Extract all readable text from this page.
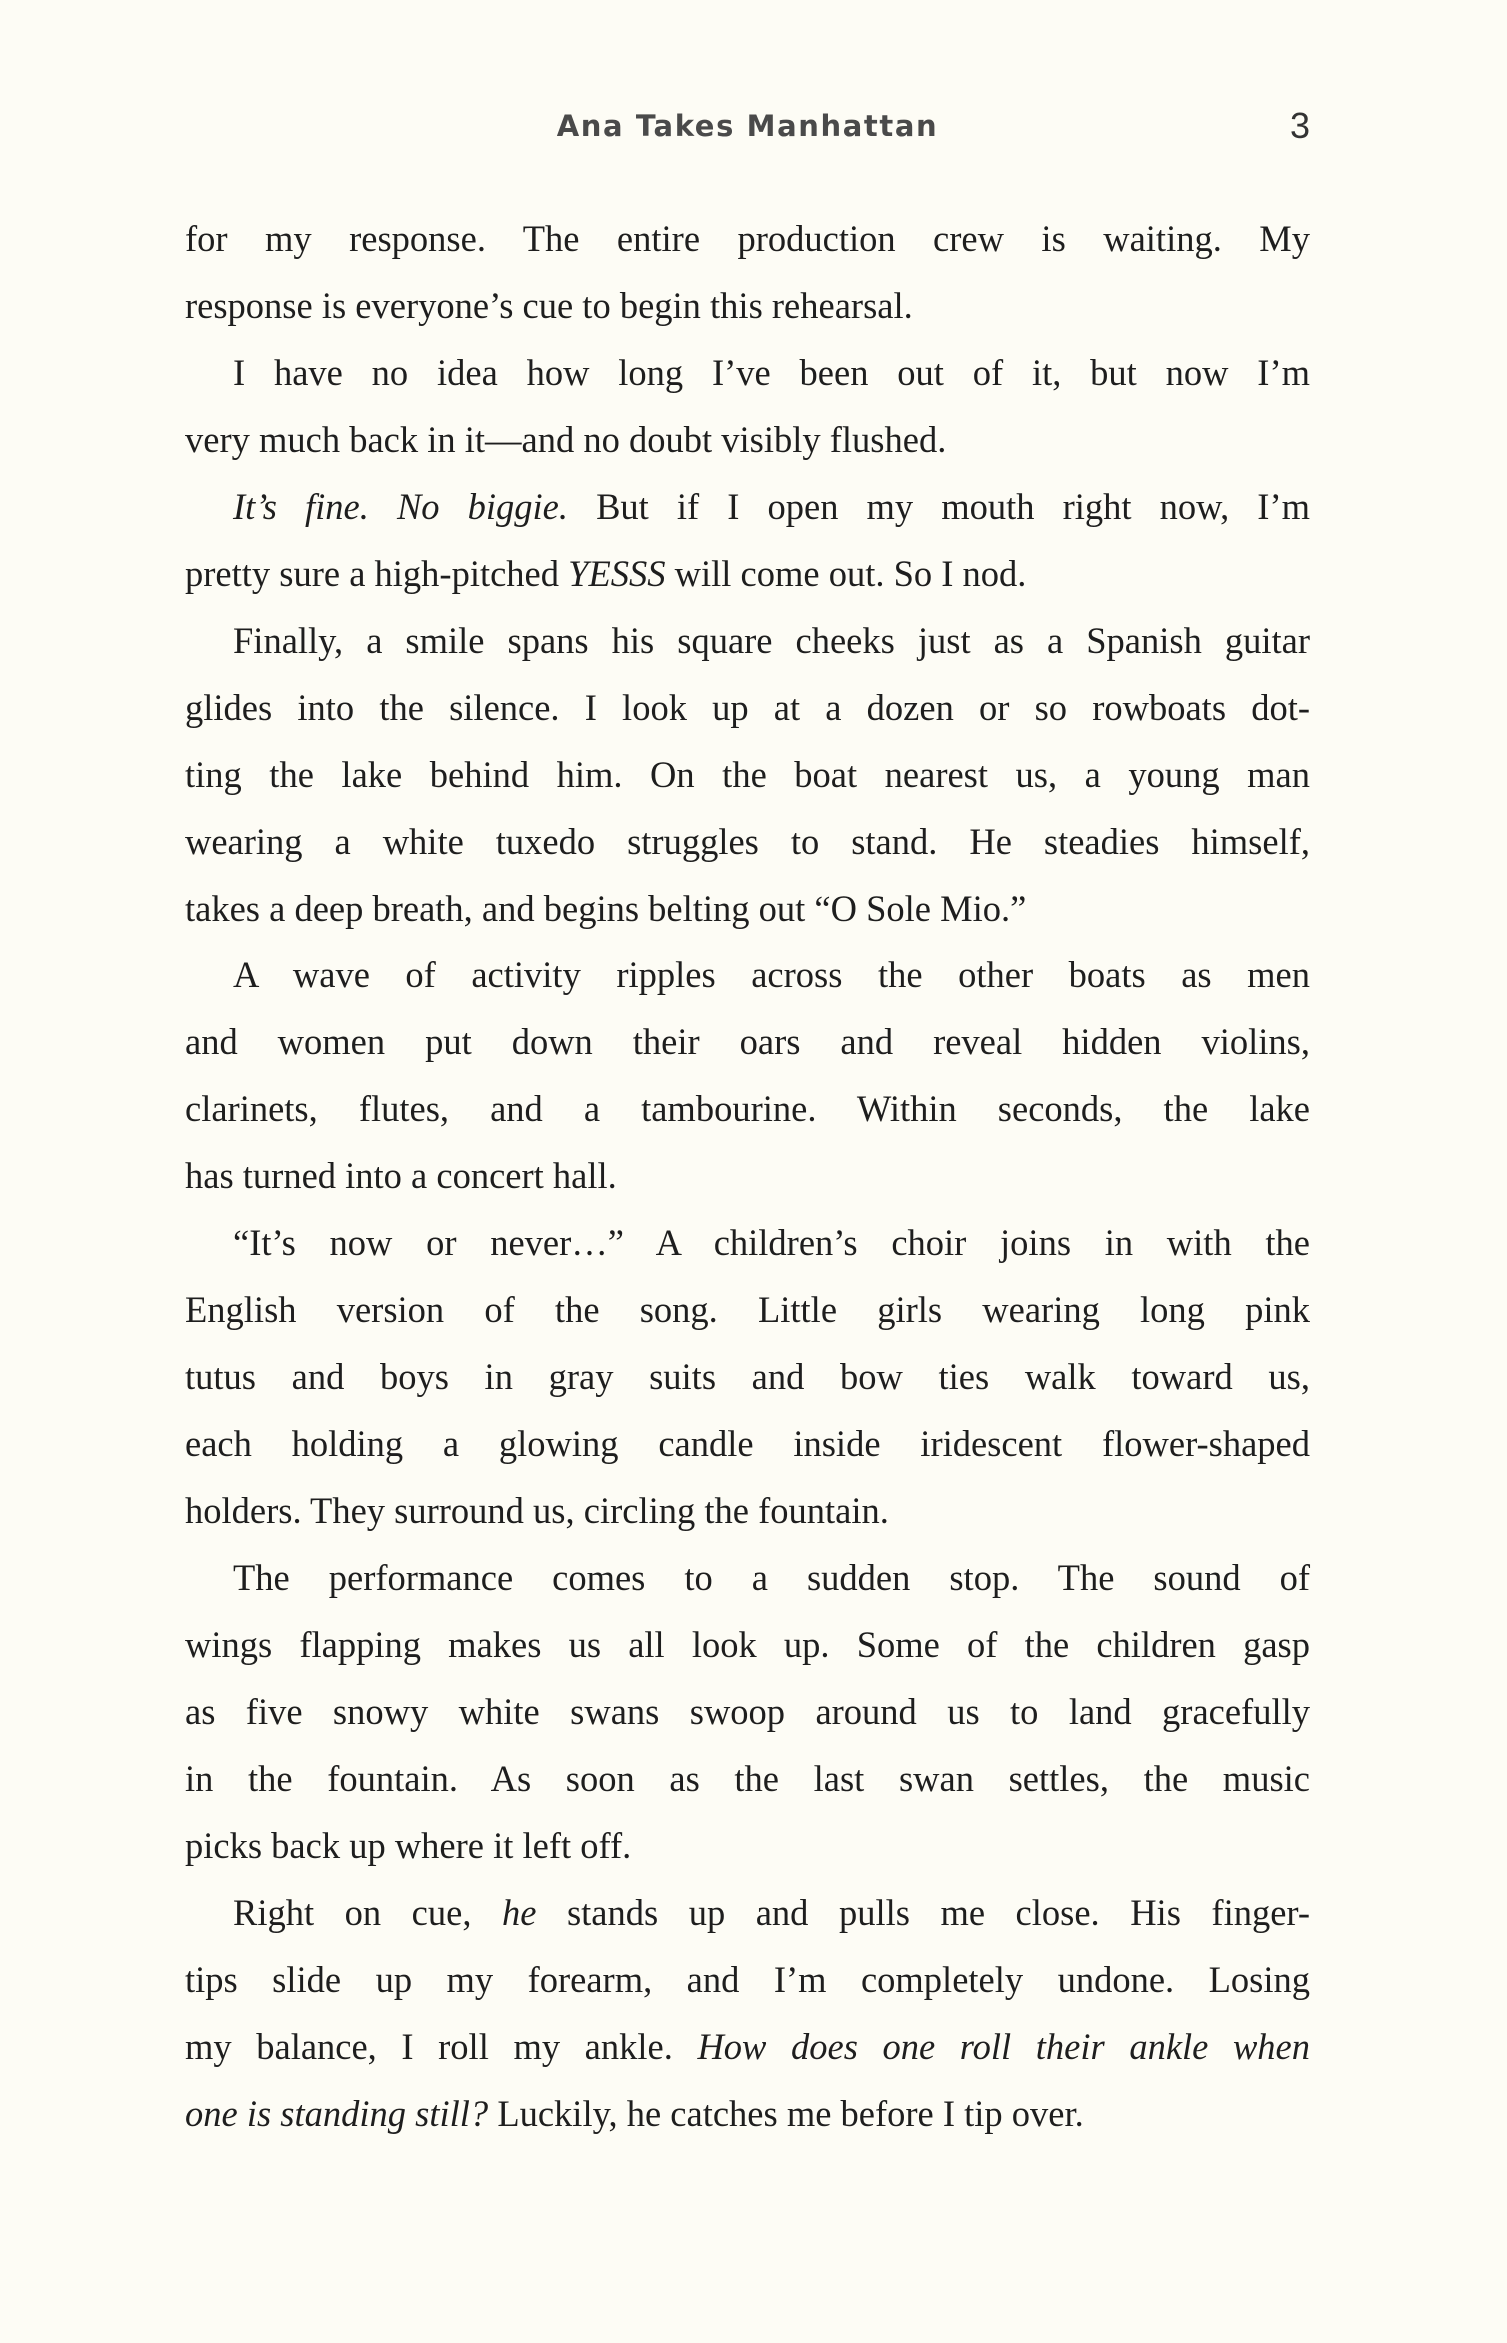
Ana Takes Manhattan	3
for my response. The entire production crew is waiting. My
response is everyone’s cue to begin this rehearsal.
I have no idea how long I’ve been out of it, but now I’m
very much back in it—and no doubt visibly flushed.
It’s fine. No biggie. But if I open my mouth right now, I’m
pretty sure a high-pitched YESSS will come out. So I nod.
Finally, a smile spans his square cheeks just as a Spanish guitar
glides into the silence. I look up at a dozen or so rowboats dot-
ting the lake behind him. On the boat nearest us, a young man
wearing a white tuxedo struggles to stand. He steadies himself,
takes a deep breath, and begins belting out “O Sole Mio.”
A wave of activity ripples across the other boats as men
and women put down their oars and reveal hidden violins,
clarinets, flutes, and a tambourine. Within seconds, the lake
has turned into a concert hall.
“It’s now or never…” A children’s choir joins in with the
English version of the song. Little girls wearing long pink
tutus and boys in gray suits and bow ties walk toward us,
each holding a glowing candle inside iridescent flower-shaped
holders. They surround us, circling the fountain.
The performance comes to a sudden stop. The sound of
wings flapping makes us all look up. Some of the children gasp
as five snowy white swans swoop around us to land gracefully
in the fountain. As soon as the last swan settles, the music
picks back up where it left off.
Right on cue, he stands up and pulls me close. His finger-
tips slide up my forearm, and I’m completely undone. Losing
my balance, I roll my ankle. How does one roll their ankle when
one is standing still? Luckily, he catches me before I tip over.
